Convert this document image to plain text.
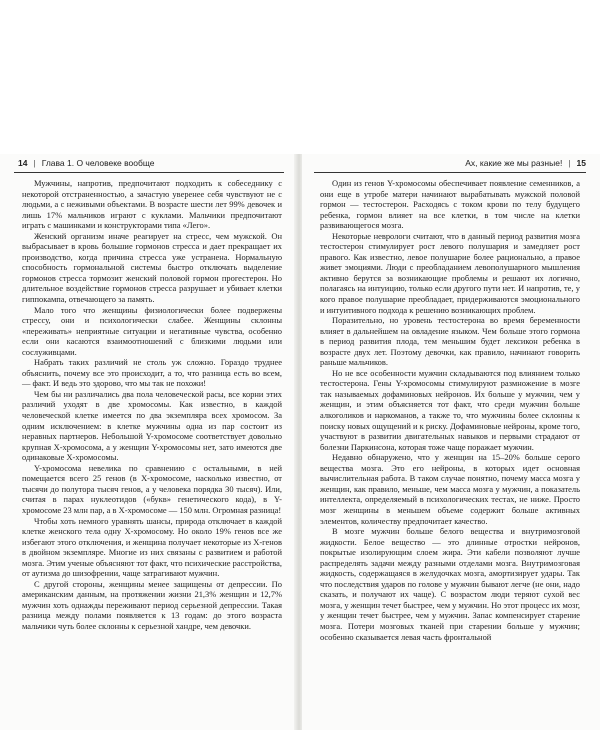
14 | Глава 1. О человеке вообще

Мужчины, напротив, предпочитают подходить к собеседнику с некоторой отстраненностью, а зачастую уверенее себя чувствуют не с людьми, а с неживыми объектами. В возрасте шести лет 99% девочек и лишь 17% мальчиков играют с куклами. Мальчики предпочитают играть с машинками и конструкторами типа «Лего».

Женский организм иначе реагирует на стресс, чем мужской. Он выбрасывает в кровь большие гормонов стресса и дает прекращает их производство, когда причина стресса уже устранена. Нормальную способность гормональной системы быстро отключать выделение гормонов стресса тормозит женский половой гормон прогестерон. Но длительное воздействие гормонов стресса разрушает и убивает клетки гиппокампа, отвечающего за память.

Мало того что женщины физиологически более подвержены стрессу, они и психологически слабее. Женщины склонны «переживать» неприятные ситуации и негативные чувства, особенно если они касаются взаимоотношений с близкими людьми или сослуживцами.

Набрать таких различий не столь уж сложно. Гораздо труднее объяснить, почему все это происходит, а то, что разница есть во всем, — факт. И ведь это здорово, что мы так не похожи!

Чем бы ни различались два пола человеческой расы, все корни этих различий уходят в две хромосомы. Как известно, в каждой человеческой клетке имеется по два экземпляра всех хромосом. За одним исключением: в клетке мужчины одна из пар состоит из неравных партнеров. Небольшой Y-хромосоме соответствует довольно крупная X-хромосома, а у женщин Y-хромосомы нет, зато имеются две одинаковые X-хромосомы.

Y-хромосома невелика по сравнению с остальными, в ней помещается всего 25 генов (в X-хромосоме, насколько известно, от тысячи до полутора тысяч генов, а у человека порядка 30 тысяч). Или, считая в парах нуклеотидов («букв» генетического кода), в Y-хромосоме 23 млн пар, а в X-хромосоме — 150 млн. Огромная разница!

Чтобы хоть немного уравнять шансы, природа отключает в каждой клетке женского тела одну X-хромосому. Но около 19% генов все же избегают этого отключения, и женщина получает некоторые из X-генов в двойном экземпляре. Многие из них связаны с развитием и работой мозга. Этим ученые объясняют тот факт, что психические расстройства, от аутизма до шизофрении, чаще затрагивают мужчин.

С другой стороны, женщины менее защищены от депрессии. По американским данным, на протяжении жизни 21,3% женщин и 12,7% мужчин хоть однажды переживают период серьезной депрессии. Такая разница между полами появляется к 13 годам: до этого возраста мальчики чуть более склонны к серьезной хандре, чем девочки.

Ах, какие же мы разные! | 15

Один из генов Y-хромосомы обеспечивает появление семенников, а они еще в утробе матери начинают вырабатывать мужской половой гормон — тестостерон. Расходясь с током крови по телу будущего ребенка, гормон влияет на все клетки, в том числе на клетки развивающегося мозга.

Некоторые неврологи считают, что в данный период развития мозга тестостерон стимулирует рост левого полушария и замедляет рост правого. Как известно, левое полушарие более рационально, а правое живет эмоциями. Люди с преобладанием левополушарного мышления активно берутся за возникающие проблемы и решают их логично, полагаясь на интуицию, только если другого пути нет. И напротив, те, у кого правое полушарие преобладает, придерживаются эмоционального и интуитивного подхода к решению возникающих проблем.

Поразительно, но уровень тестостерона во время беременности влияет в дальнейшем на овладение языком. Чем больше этого гормона в период развития плода, тем меньшим будет лексикон ребенка в возрасте двух лет. Поэтому девочки, как правило, начинают говорить раньше мальчиков.

Но не все особенности мужчин складываются под влиянием только тестостерона. Гены Y-хромосомы стимулируют размножение в мозге так называемых дофаминовых нейронов. Их больше у мужчин, чем у женщин, и этим объясняется тот факт, что среди мужчин больше алкоголиков и наркоманов, а также то, что мужчины более склонны к поиску новых ощущений и к риску. Дофаминовые нейроны, кроме того, участвуют в развитии двигательных навыков и первыми страдают от болезни Паркинсона, которая тоже чаще поражает мужчин.

Недавно обнаружено, что у женщин на 15–20% больше серого вещества мозга. Это его нейроны, в которых идет основная вычислительная работа. В таком случае понятно, почему масса мозга у женщин, как правило, меньше, чем масса мозга у мужчин, а показатель интеллекта, определяемый в психологических тестах, не ниже. Просто мозг женщины в меньшем объеме содержит больше активных элементов, количеству предпочитает качество.

В мозге мужчин больше белого вещества и внутримозговой жидкости. Белое вещество — это длинные отростки нейронов, покрытые изолирующим слоем жира. Эти кабели позволяют лучше распределять задачи между разными отделами мозга. Внутримозговая жидкость, содержащаяся в желудочках мозга, амортизирует удары. Так что последствия ударов по голове у мужчин бывают легче (не они, надо сказать, и получают их чаще). С возрастом люди теряют сухой вес мозга, у женщин течет быстрее, чем у мужчин. Но этот процесс их мозг, у женщин течет быстрее, чем у мужчин. Запас компенсирует старение мозга. Потери мозговых тканей при старении больше у мужчин; особенно сказывается левая часть фронтальной
